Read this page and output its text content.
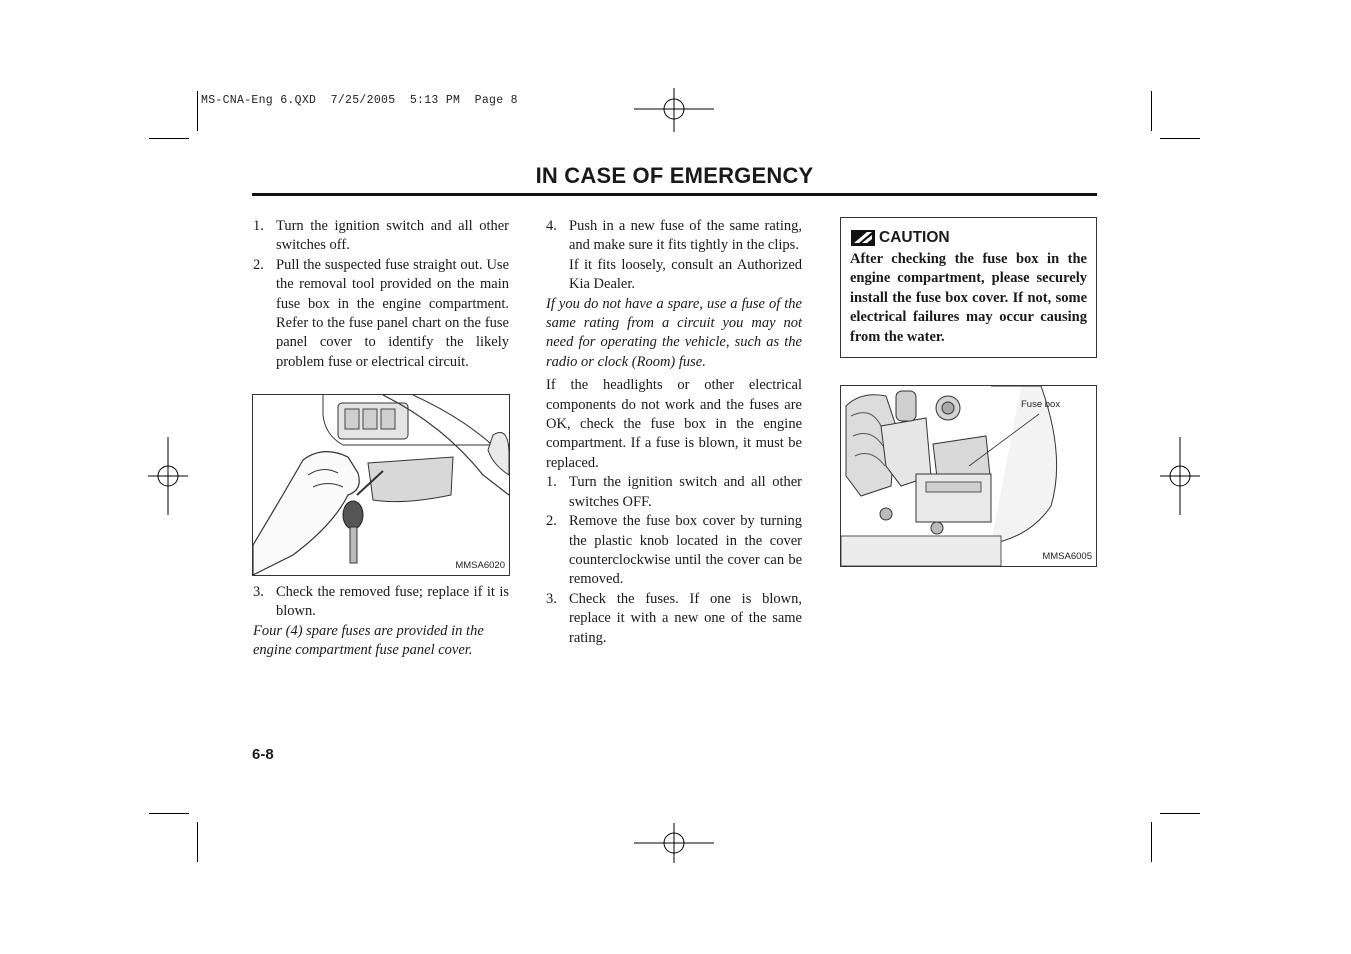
MS-CNA-Eng 6.QXD  7/25/2005  5:13 PM  Page 8
IN CASE OF EMERGENCY

1. Turn the ignition switch and all other switches off.

2. Pull the suspected fuse straight out. Use the removal tool provided on the main fuse box in the engine compartment. Refer to the fuse panel chart on the fuse panel cover to identify the likely problem fuse or electrical circuit.

MMSA6020

3. Check the removed fuse; replace if it is blown.

Four (4) spare fuses are provided in the engine compartment fuse panel cover.

4. Push in a new fuse of the same rating, and make sure it fits tightly in the clips.

If it fits loosely, consult an Authorized Kia Dealer.

If you do not have a spare, use a fuse of the same rating from a circuit you may not need for operating the vehicle, such as the radio or clock (Room) fuse.

If the headlights or other electrical components do not work and the fuses are OK, check the fuse box in the engine compartment. If a fuse is blown, it must be replaced.

1. Turn the ignition switch and all other switches OFF.

2. Remove the fuse box cover by turning the plastic knob located in the cover counterclockwise until the cover can be removed.

3. Check the fuses. If one is blown, replace it with a new one of the same rating.

CAUTION
After checking the fuse box in the engine compartment, please securely install the fuse box cover. If not, some electrical failures may occur causing from the water.
Fuse box
MMSA6005
6-8
